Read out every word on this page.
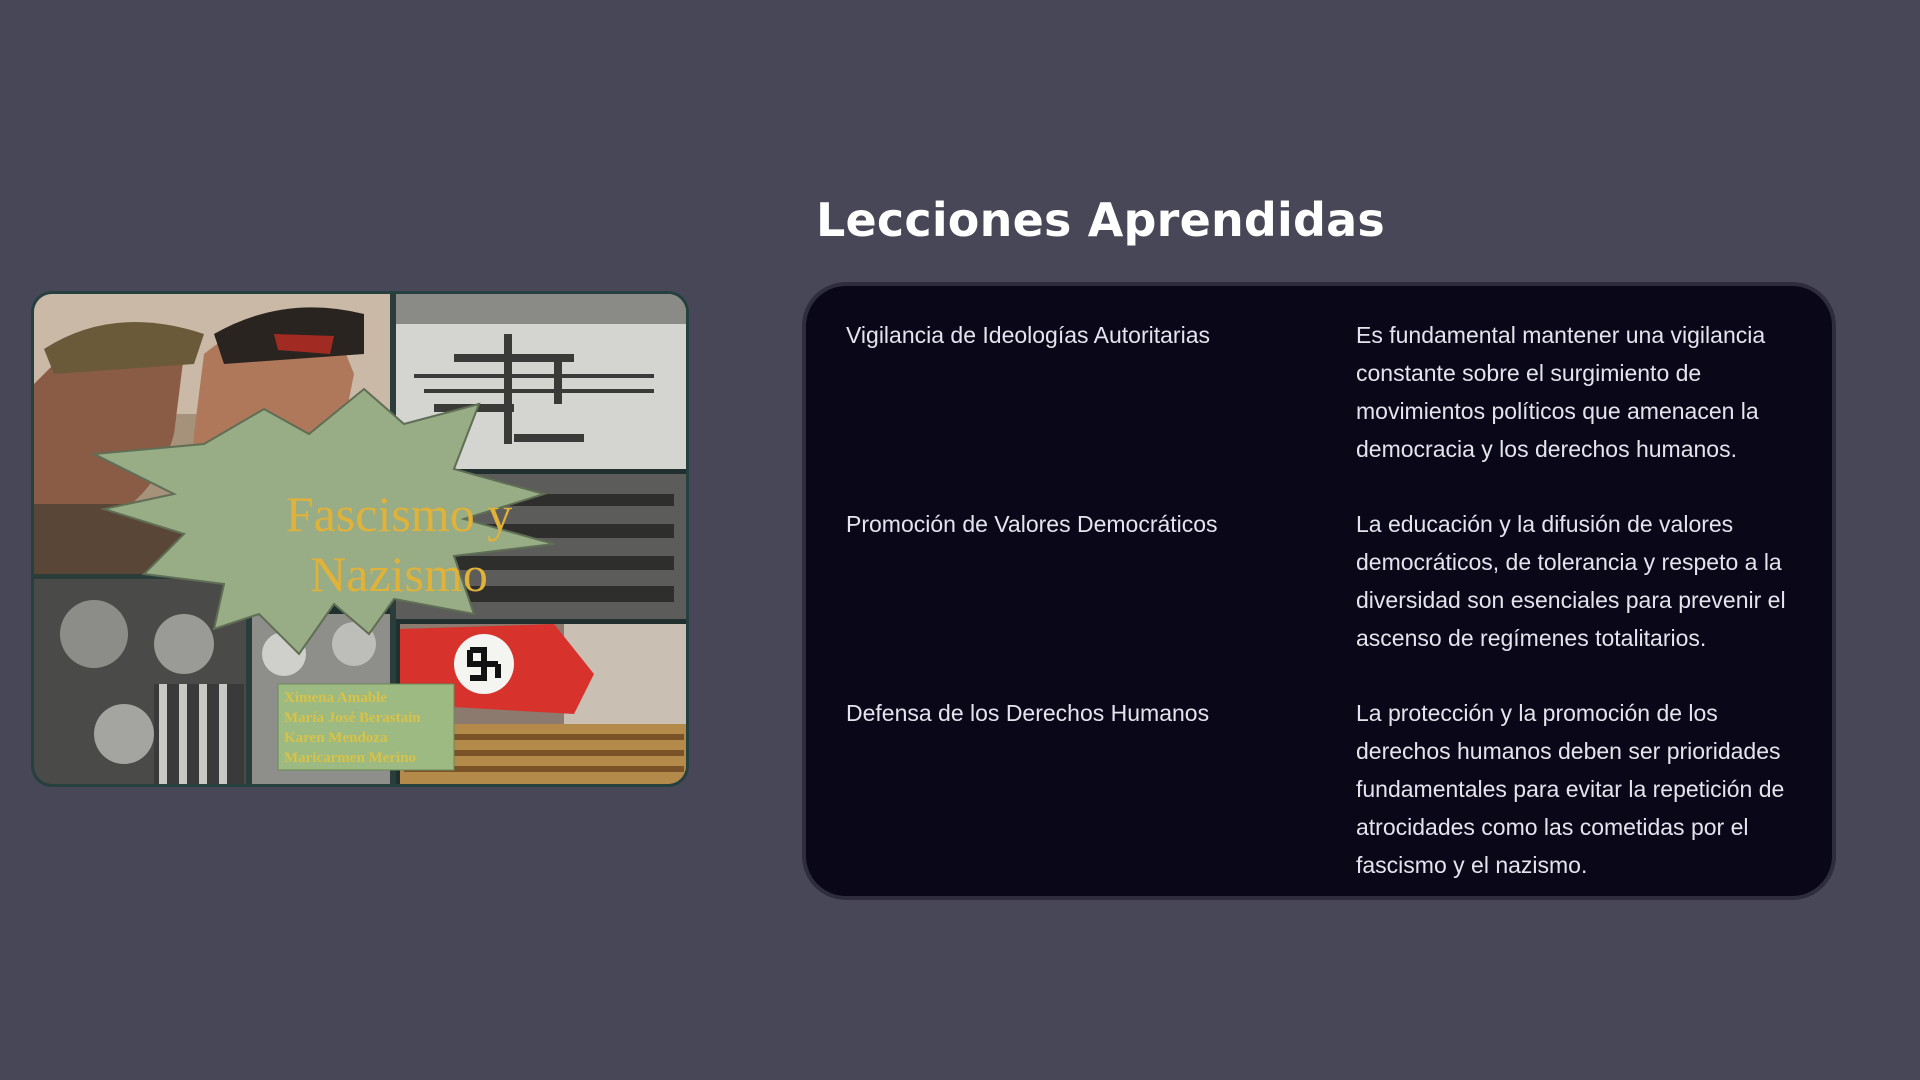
Fascismo y
Nazismo
Ximena Amable
María José Berastain
Karen Mendoza
Maricarmen Merino
Lecciones Aprendidas
Vigilancia de Ideologías Autoritarias	Es fundamental mantener una vigilancia constante sobre el surgimiento de movimientos políticos que amenacen la democracia y los derechos humanos.
Promoción de Valores Democráticos	La educación y la difusión de valores democráticos, de tolerancia y respeto a la diversidad son esenciales para prevenir el ascenso de regímenes totalitarios.
Defensa de los Derechos Humanos	La protección y la promoción de los derechos humanos deben ser prioridades fundamentales para evitar la repetición de atrocidades como las cometidas por el fascismo y el nazismo.
